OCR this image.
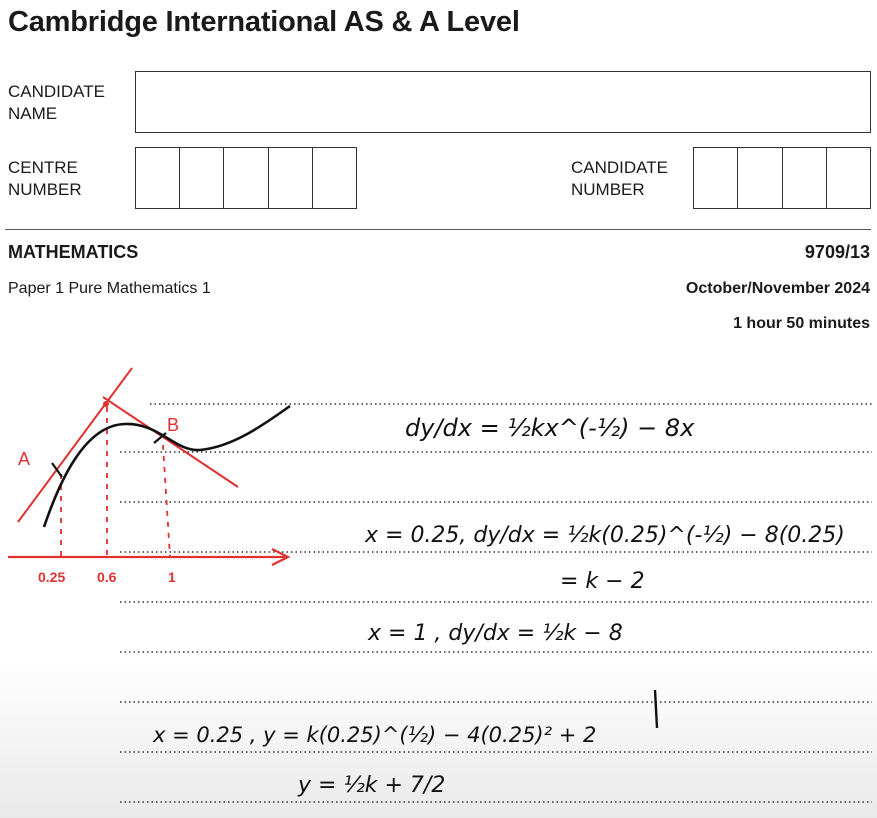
Cambridge International AS & A Level
CANDIDATE
NAME
CENTRE
NUMBER
CANDIDATE
NUMBER
MATHEMATICS	9709/13
Paper 1 Pure Mathematics 1	October/November 2024
1 hour 50 minutes
A
B
0.25 0.6	1
dy/dx = ½kx^(-½) − 8x
x = 0.25, dy/dx = ½k(0.25)^(-½) − 8(0.25)
= k − 2
x = 1 , dy/dx = ½k − 8
x = 0.25 , y = k(0.25)^(½) − 4(0.25)² + 2
y = ½k + 7/2
